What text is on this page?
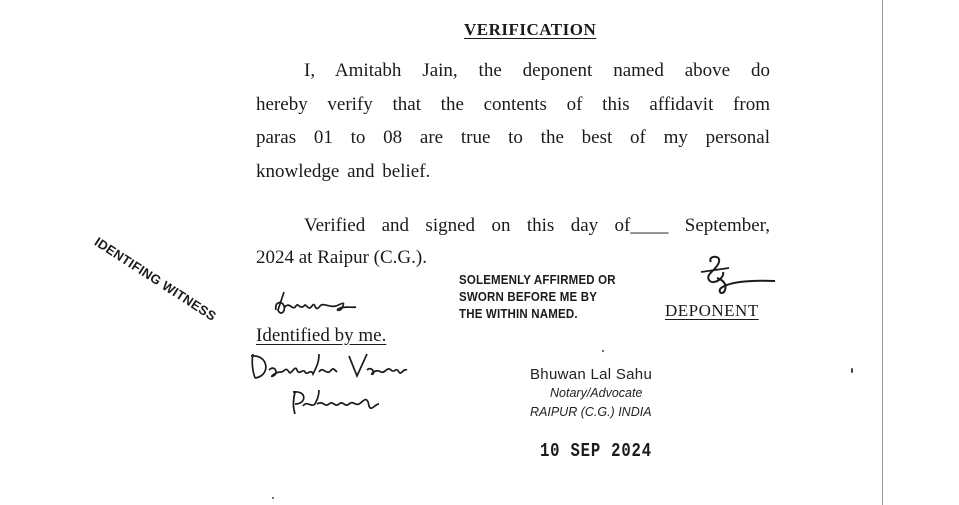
VERIFICATION
I, Amitabh Jain, the deponent named above do
hereby verify that the contents of this affidavit from
paras 01 to 08 are true to the best of my personal
knowledge and belief.
Verified and signed on this day of____ September,
2024 at Raipur (C.G.).
IDENTIFING WITNESS	SOLEMENLY AFFIRMED OR
SWORN BEFORE ME BY
THE WITHIN NAMED.	DEPONENT
Identified by me.
Bhuwan Lal Sahu
Notary/Advocate
RAIPUR (C.G.) INDIA
10 SEP 2024
